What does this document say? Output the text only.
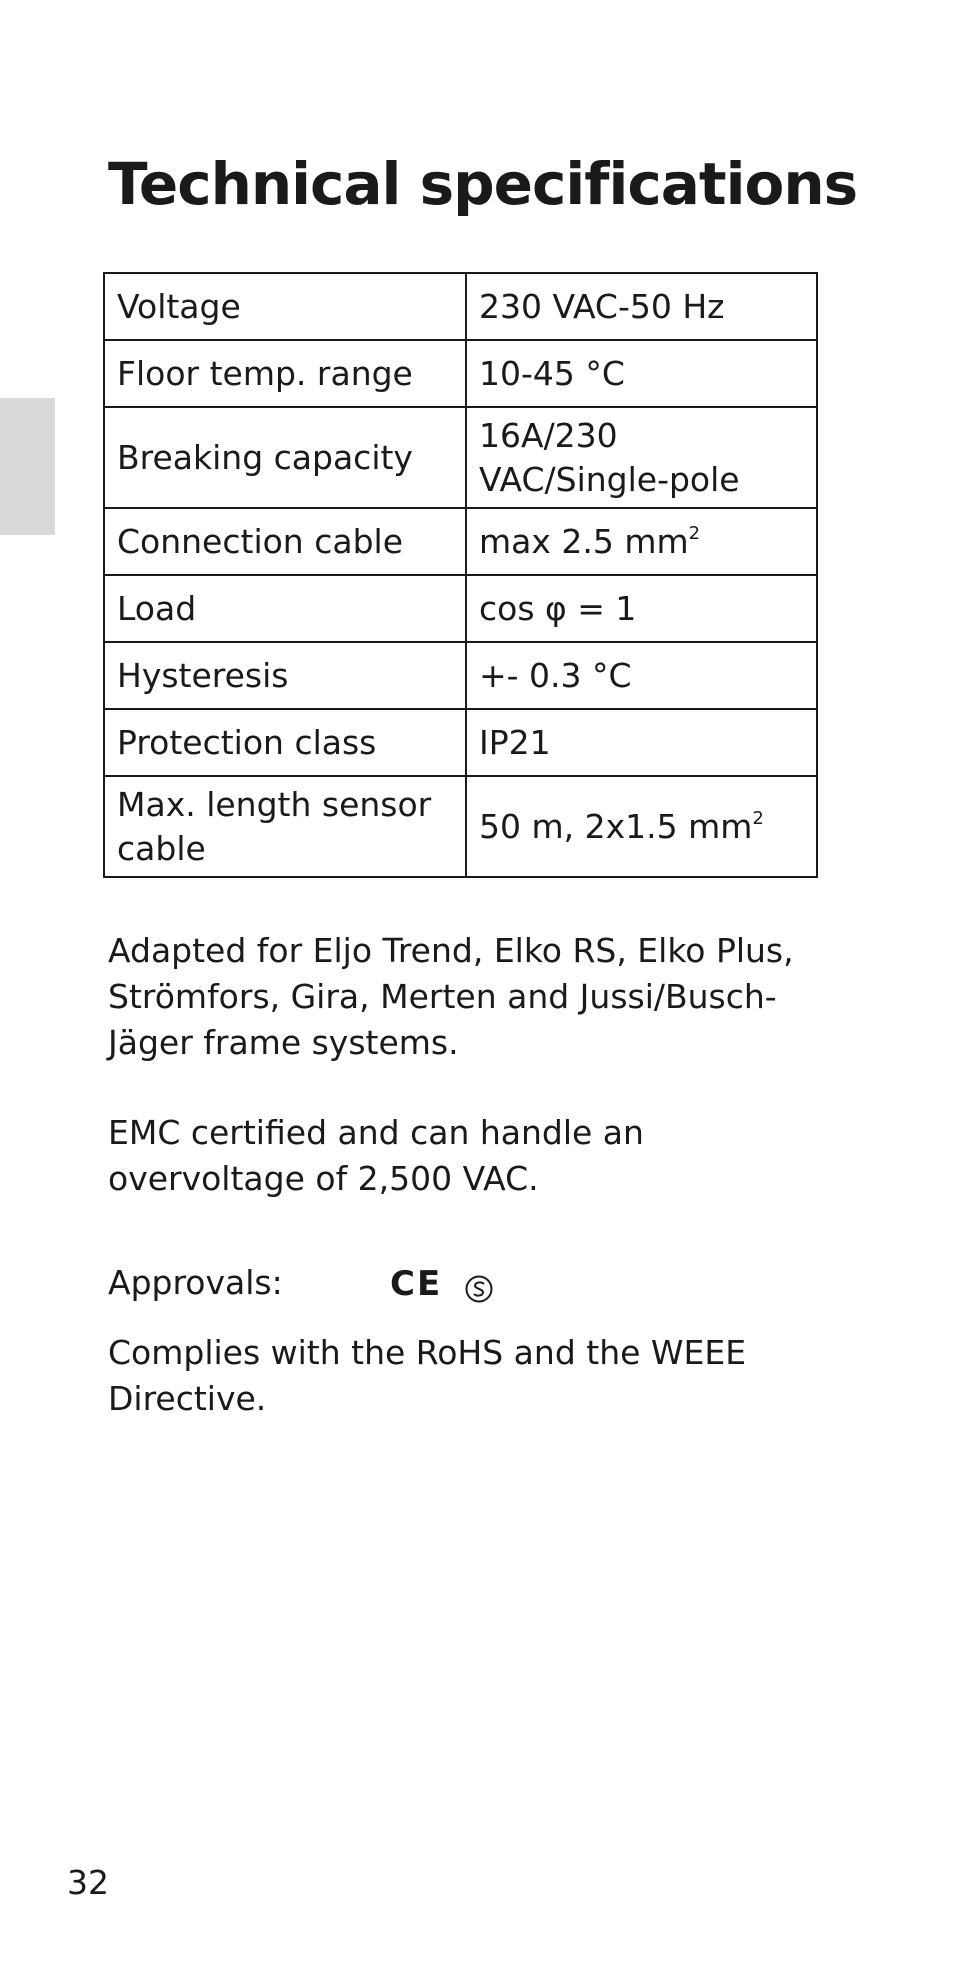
Technical specifications
Voltage	230 VAC-50 Hz
Floor temp. range	10-45 °C
Breaking capacity	16A/230 VAC/Single-pole
Connection cable	max 2.5 $mm^2$
Load	cos φ = 1
Hysteresis	+- 0.3 °C
Protection class	IP21
Max. length sensor cable	50 m, 2x1.5 $mm^2$

Adapted for Eljo Trend, Elko RS, Elko Plus, Strömfors, Gira, Merten and Jussi/Busch-Jäger frame systems.

EMC certified and can handle an overvoltage of 2,500 VAC.

Approvals:	CE

Complies with the RoHS and the WEEE Directive.

32
